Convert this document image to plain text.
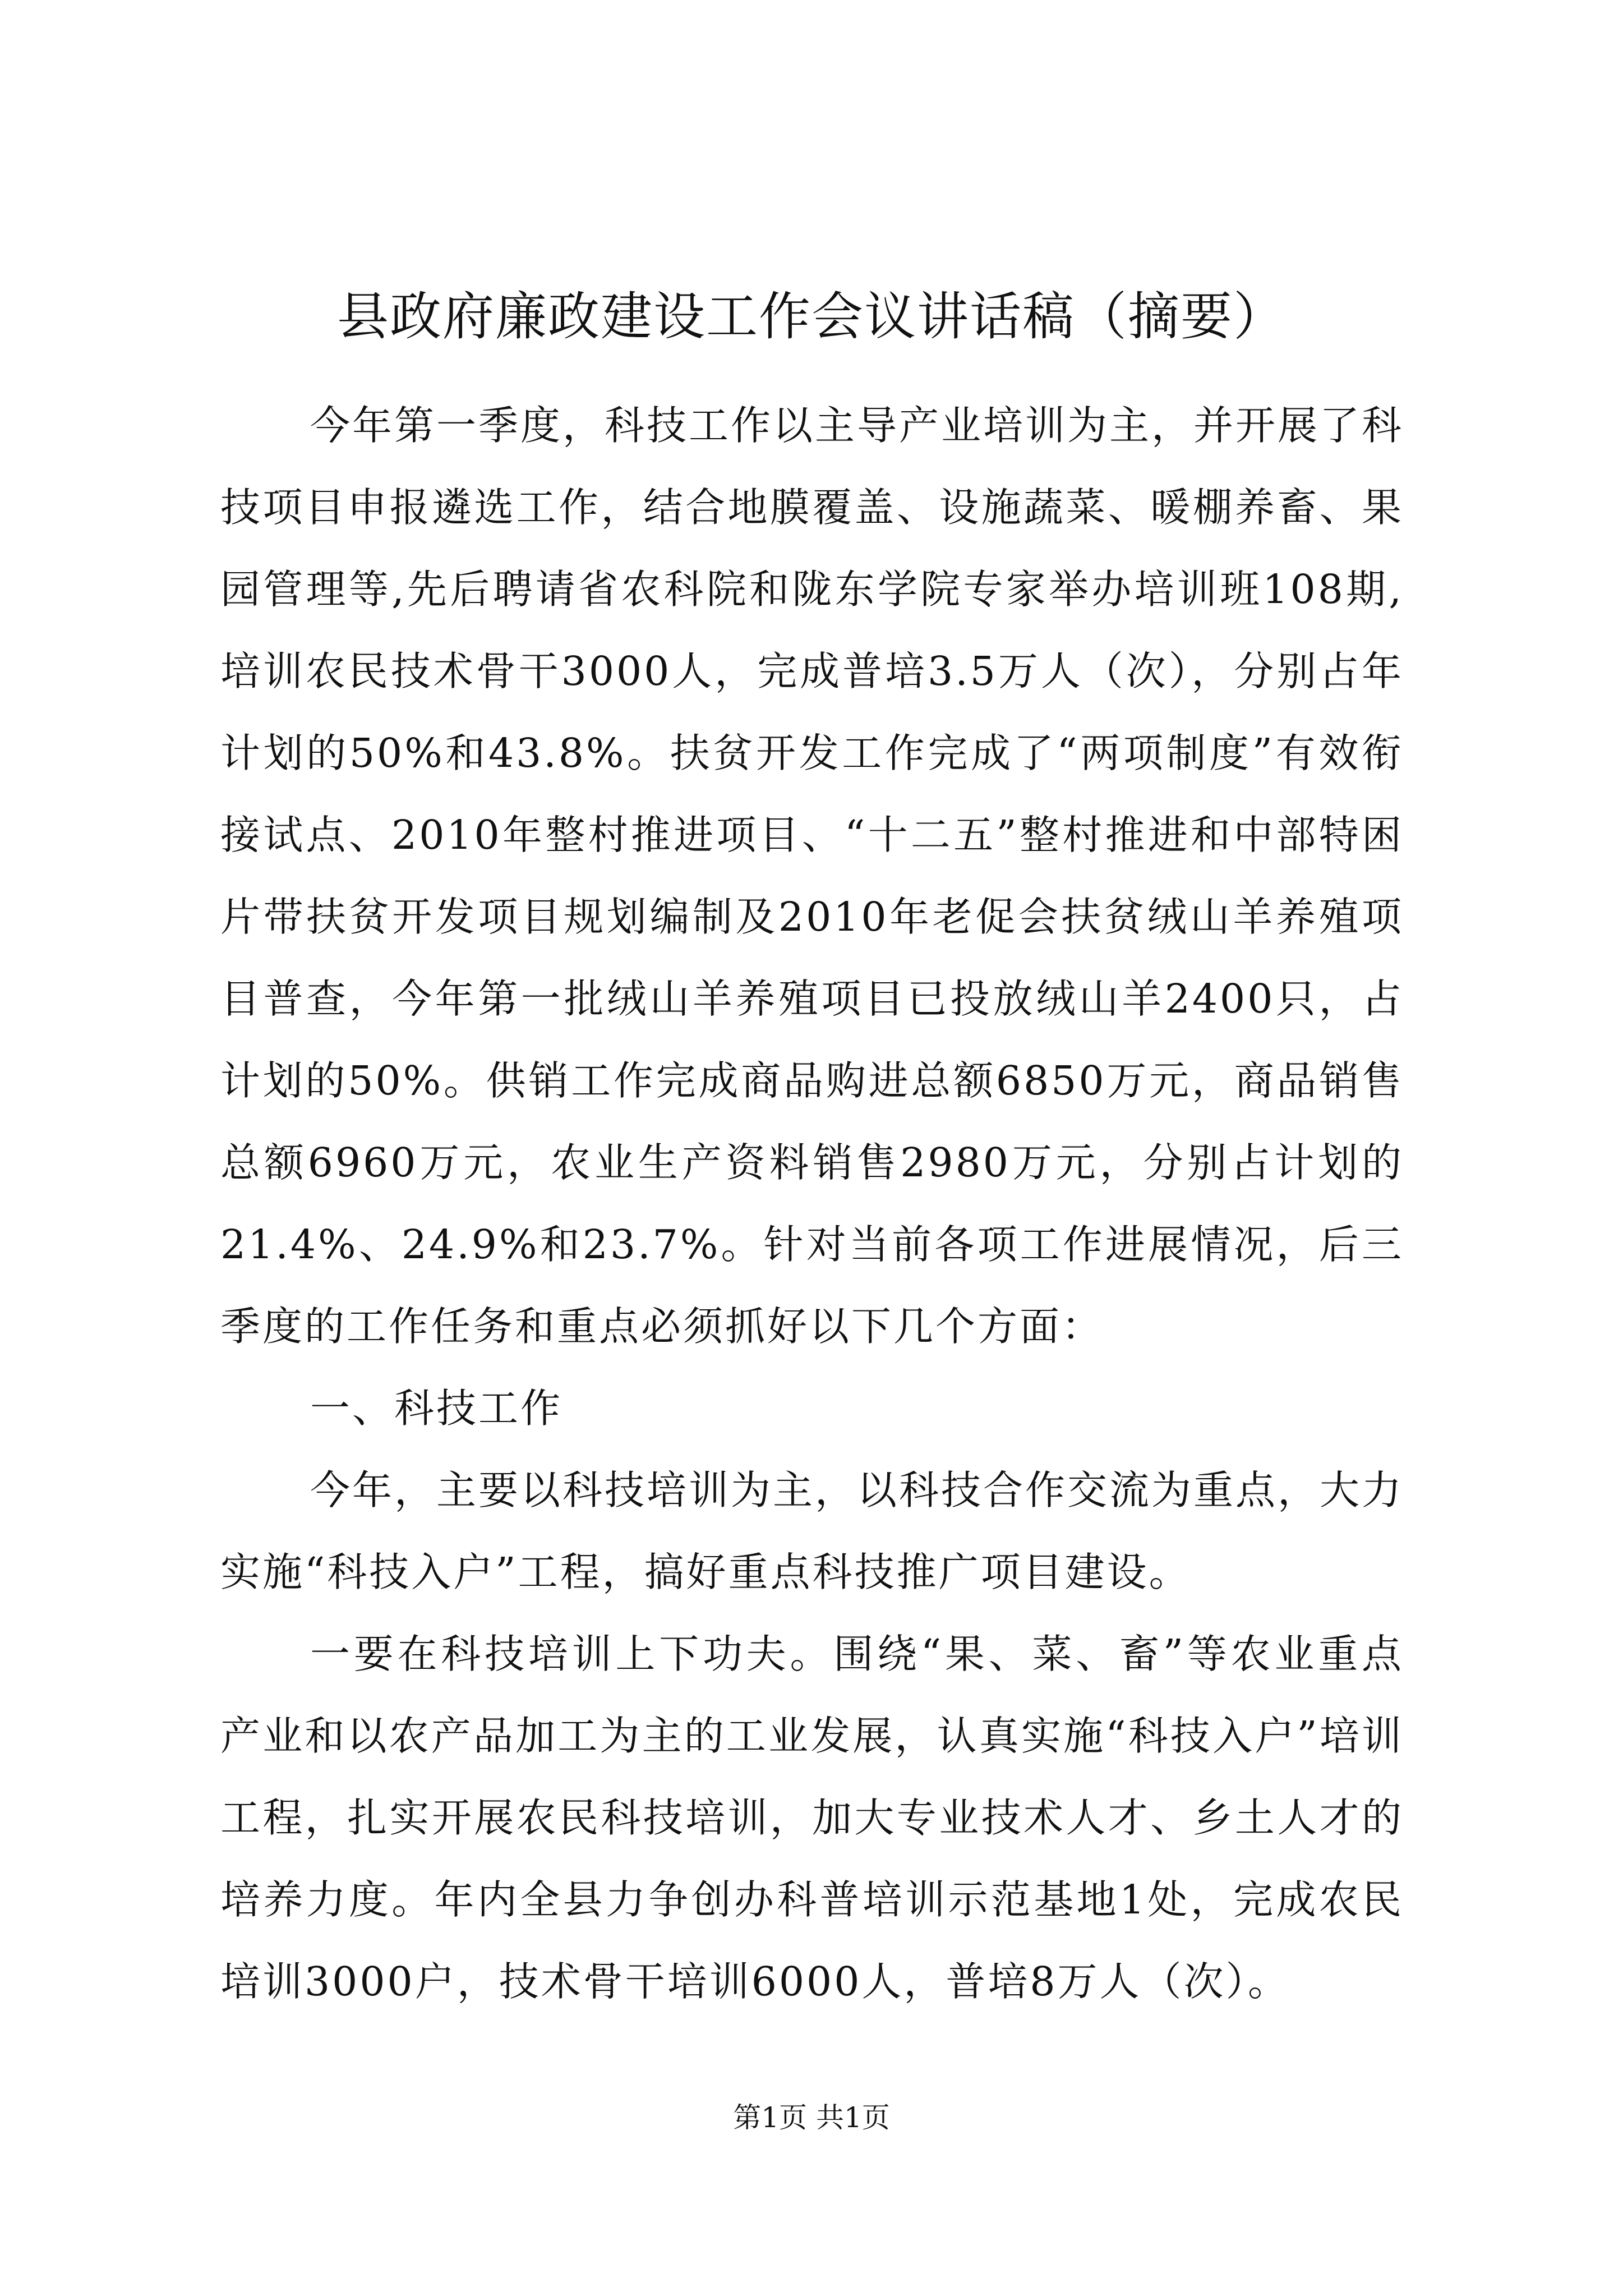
县政府廉政建设工作会议讲话稿（摘要）

今年第一季度，科技工作以主导产业培训为主，并开展了科技项目申报遴选工作，结合地膜覆盖、设施蔬菜、暖棚养畜、果园管理等,先后聘请省农科院和陇东学院专家举办培训班108期,培训农民技术骨干3000人，完成普培3.5万人（次），分别占年计划的50%和43.8%。扶贫开发工作完成了“两项制度”有效衔接试点、2010年整村推进项目、“十二五”整村推进和中部特困片带扶贫开发项目规划编制及2010年老促会扶贫绒山羊养殖项目普查，今年第一批绒山羊养殖项目已投放绒山羊2400只，占计划的50%。供销工作完成商品购进总额6850万元，商品销售总额6960万元，农业生产资料销售2980万元，分别占计划的21.4%、24.9%和23.7%。针对当前各项工作进展情况，后三季度的工作任务和重点必须抓好以下几个方面：

一、科技工作

今年，主要以科技培训为主，以科技合作交流为重点，大力实施“科技入户”工程，搞好重点科技推广项目建设。

一要在科技培训上下功夫。围绕“果、菜、畜”等农业重点产业和以农产品加工为主的工业发展，认真实施“科技入户”培训工程，扎实开展农民科技培训，加大专业技术人才、乡土人才的培养力度。年内全县力争创办科普培训示范基地1处，完成农民培训3000户，技术骨干培训6000人，普培8万人（次）。

第1页 共1页
